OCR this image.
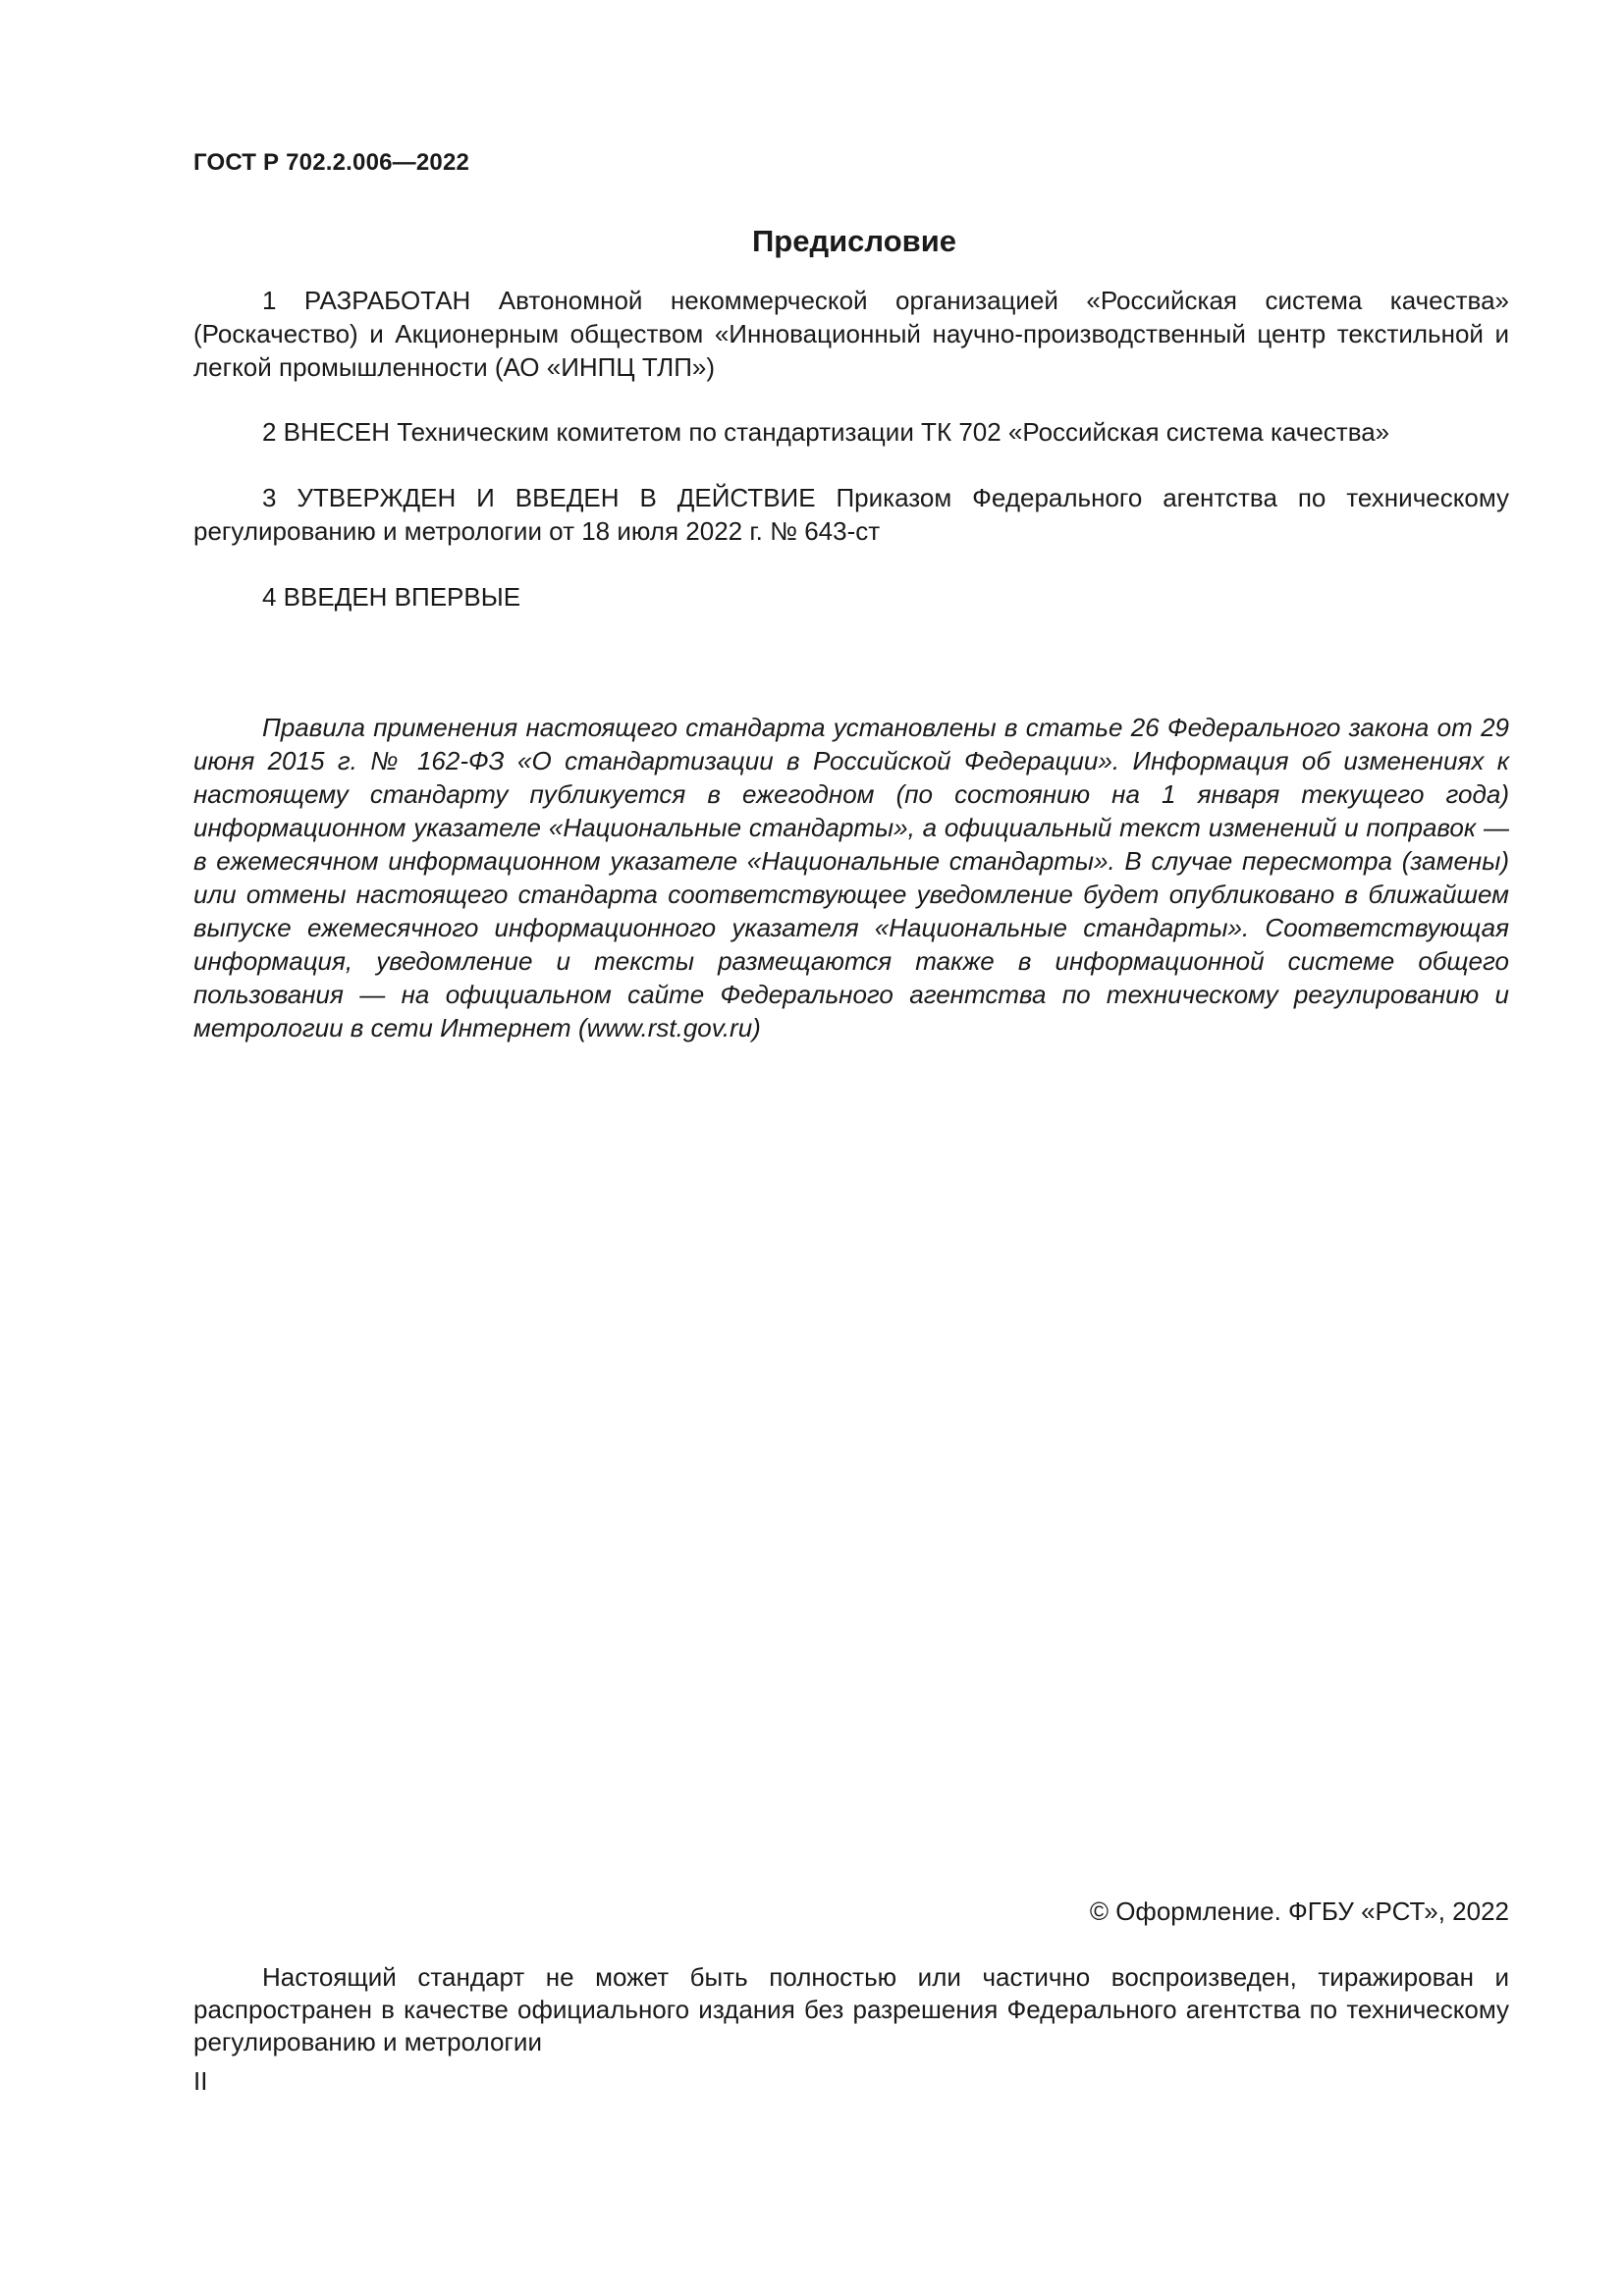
ГОСТ Р 702.2.006—2022
Предисловие

1 РАЗРАБОТАН Автономной некоммерческой организацией «Российская система качества» (Роскачество) и Акционерным обществом «Инновационный научно-производственный центр текстильной и легкой промышленности (АО «ИНПЦ ТЛП»)

2 ВНЕСЕН Техническим комитетом по стандартизации ТК 702 «Российская система качества»

3 УТВЕРЖДЕН И ВВЕДЕН В ДЕЙСТВИЕ Приказом Федерального агентства по техническому регулированию и метрологии от 18 июля 2022 г. № 643-ст

4 ВВЕДЕН ВПЕРВЫЕ

Правила применения настоящего стандарта установлены в статье 26 Федерального закона от 29 июня 2015 г. № 162-ФЗ «О стандартизации в Российской Федерации». Информация об изменениях к настоящему стандарту публикуется в ежегодном (по состоянию на 1 января текущего года) информационном указателе «Национальные стандарты», а официальный текст изменений и поправок — в ежемесячном информационном указателе «Национальные стандарты». В случае пересмотра (замены) или отмены настоящего стандарта соответствующее уведомление будет опубликовано в ближайшем выпуске ежемесячного информационного указателя «Национальные стандарты». Соответствующая информация, уведомление и тексты размещаются также в информационной системе общего пользования — на официальном сайте Федерального агентства по техническому регулированию и метрологии в сети Интернет (www.rst.gov.ru)

© Оформление. ФГБУ «РСТ», 2022

Настоящий стандарт не может быть полностью или частично воспроизведен, тиражирован и распространен в качестве официального издания без разрешения Федерального агентства по техническому регулированию и метрологии

II
